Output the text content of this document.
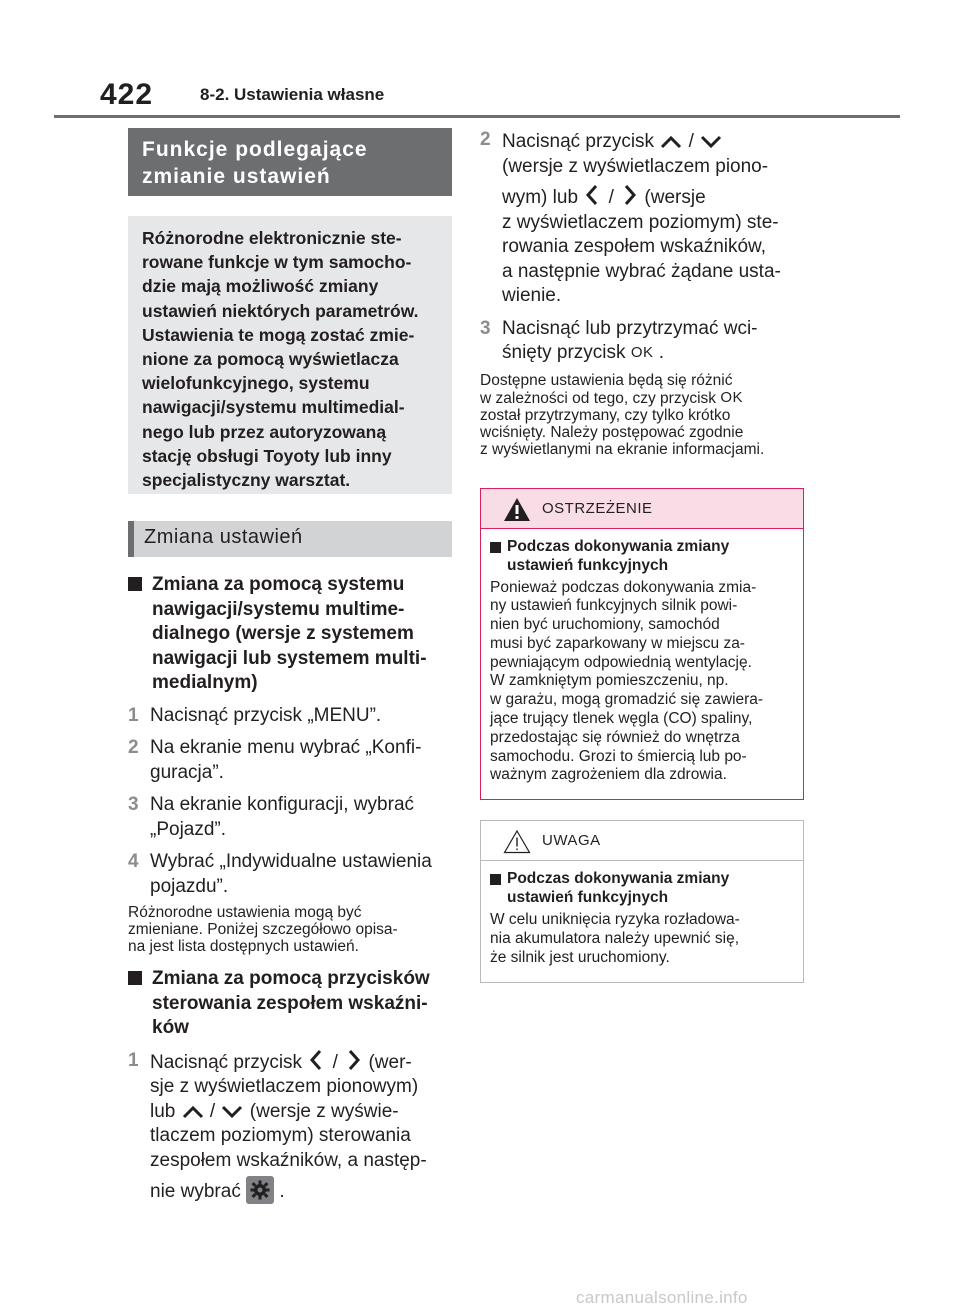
422	8-2. Ustawienia własne
Funkcje podlegające
zmianie ustawień
Różnorodne elektronicznie ste-
rowane funkcje w tym samocho-
dzie mają możliwość zmiany
ustawień niektórych parametrów.
Ustawienia te mogą zostać zmie-
nione za pomocą wyświetlacza
wielofunkcyjnego, systemu
nawigacji/systemu multimedial-
nego lub przez autoryzowaną
stację obsługi Toyoty lub inny
specjalistyczny warsztat.
Zmiana ustawień
Zmiana za pomocą systemu
nawigacji/systemu multime-
dialnego (wersje z systemem
nawigacji lub systemem multi-
medialnym)
1 Nacisnąć przycisk „MENU”.
2 Na ekranie menu wybrać „Konfi-
guracja”.
3 Na ekranie konfiguracji, wybrać
„Pojazd”.
4 Wybrać „Indywidualne ustawienia
pojazdu”.
Różnorodne ustawienia mogą być
zmieniane. Poniżej szczegółowo opisa-
na jest lista dostępnych ustawień.
Zmiana za pomocą przycisków
sterowania zespołem wskaźni-
ków
1 Nacisnąć przycisk / (wer-
sje z wyświetlaczem pionowym)
lub / (wersje z wyświe-
tlaczem poziomym) sterowania
zespołem wskaźników, a następ-
nie wybrać .
2 Nacisnąć przycisk /
(wersje z wyświetlaczem piono-
wym) lub / (wersje
z wyświetlaczem poziomym) ste-
rowania zespołem wskaźników,
a następnie wybrać żądane usta-
wienie.
3 Nacisnąć lub przytrzymać wci-
śnięty przycisk OK .
Dostępne ustawienia będą się różnić
w zależności od tego, czy przycisk OK
został przytrzymany, czy tylko krótko
wciśnięty. Należy postępować zgodnie
z wyświetlanymi na ekranie informacjami.
OSTRZEŻENIE
Podczas dokonywania zmiany
ustawień funkcyjnych
Ponieważ podczas dokonywania zmia-
ny ustawień funkcyjnych silnik powi-
nien być uruchomiony, samochód
musi być zaparkowany w miejscu za-
pewniającym odpowiednią wentylację.
W zamkniętym pomieszczeniu, np.
w garażu, mogą gromadzić się zawiera-
jące trujący tlenek węgla (CO) spaliny,
przedostając się również do wnętrza
samochodu. Grozi to śmiercią lub po-
ważnym zagrożeniem dla zdrowia.
UWAGA
Podczas dokonywania zmiany
ustawień funkcyjnych
W celu uniknięcia ryzyka rozładowa-
nia akumulatora należy upewnić się,
że silnik jest uruchomiony.
carmanualsonline.info
